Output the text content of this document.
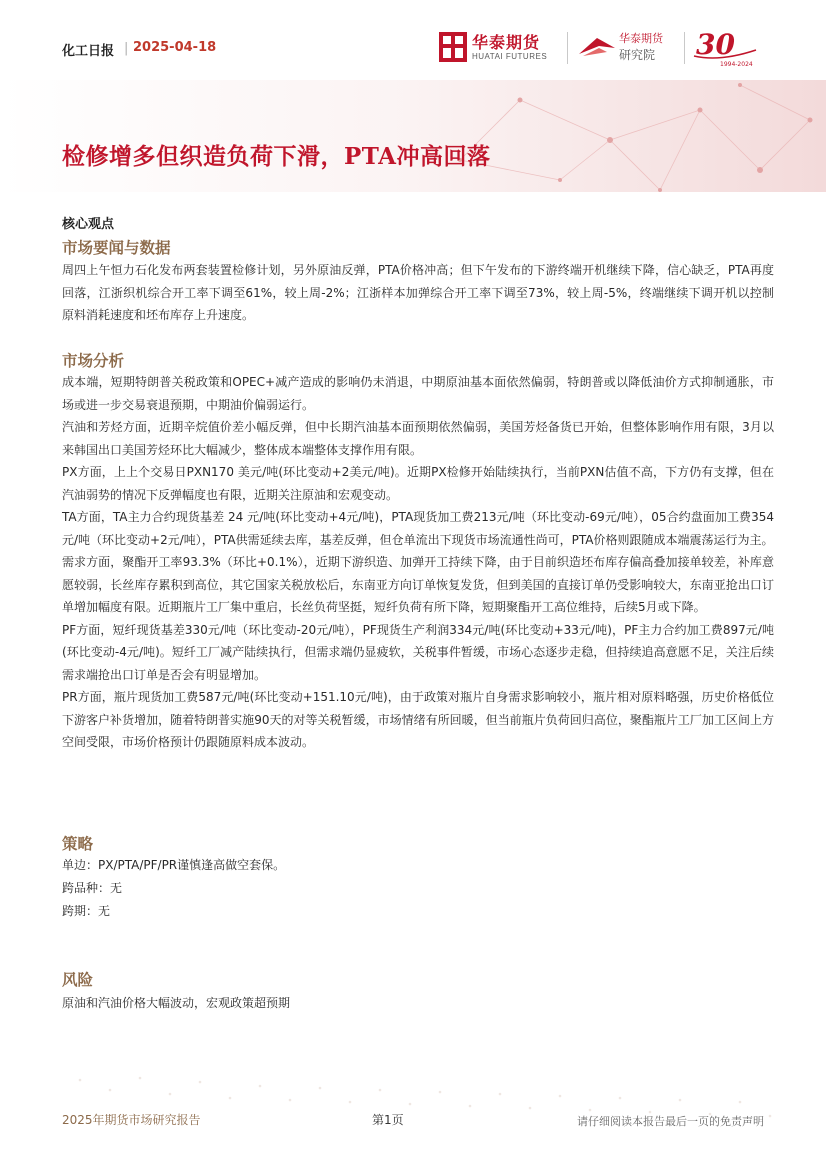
化工日报 | 2025-04-18	华泰期货
HUATAI FUTURES
华泰期货
研究院 30
1994-2024
检修增多但织造负荷下滑，PTA冲高回落
核心观点
市场要闻与数据

周四上午恒力石化发布两套装置检修计划，另外原油反弹，PTA价格冲高；但下午发布的下游终端开机继续下降，信心缺乏，PTA再度回落，江浙织机综合开工率下调至61%，较上周-2%；江浙样本加弹综合开工率下调至73%，较上周-5%，终端继续下调开机以控制原料消耗速度和坯布库存上升速度。

市场分析

成本端，短期特朗普关税政策和OPEC+减产造成的影响仍未消退，中期原油基本面依然偏弱，特朗普或以降低油价方式抑制通胀，市场或进一步交易衰退预期，中期油价偏弱运行。

汽油和芳烃方面，近期辛烷值价差小幅反弹，但中长期汽油基本面预期依然偏弱，美国芳烃备货已开始，但整体影响作用有限，3月以来韩国出口美国芳烃环比大幅减少，整体成本端整体支撑作用有限。

PX方面，上上个交易日PXN170 美元/吨(环比变动+2美元/吨)。近期PX检修开始陆续执行，当前PXN估值不高，下方仍有支撑，但在汽油弱势的情况下反弹幅度也有限，近期关注原油和宏观变动。

TA方面，TA主力合约现货基差 24 元/吨(环比变动+4元/吨)，PTA现货加工费213元/吨（环比变动-69元/吨），05合约盘面加工费354元/吨（环比变动+2元/吨），PTA供需延续去库，基差反弹，但仓单流出下现货市场流通性尚可，PTA价格则跟随成本端震荡运行为主。

需求方面，聚酯开工率93.3%（环比+0.1%），近期下游织造、加弹开工持续下降，由于目前织造坯布库存偏高叠加接单较差，补库意愿较弱，长丝库存累积到高位，其它国家关税放松后，东南亚方向订单恢复发货，但到美国的直接订单仍受影响较大，东南亚抢出口订单增加幅度有限。近期瓶片工厂集中重启，长丝负荷坚挺，短纤负荷有所下降，短期聚酯开工高位维持，后续5月或下降。

PF方面，短纤现货基差330元/吨（环比变动-20元/吨），PF现货生产利润334元/吨(环比变动+33元/吨)，PF主力合约加工费897元/吨(环比变动-4元/吨)。短纤工厂减产陆续执行，但需求端仍显疲软，关税事件暂缓，市场心态逐步走稳，但持续追高意愿不足，关注后续需求端抢出口订单是否会有明显增加。

PR方面，瓶片现货加工费587元/吨(环比变动+151.10元/吨)，由于政策对瓶片自身需求影响较小，瓶片相对原料略强，历史价格低位下游客户补货增加，随着特朗普实施90天的对等关税暂缓，市场情绪有所回暖，但当前瓶片负荷回归高位，聚酯瓶片工厂加工区间上方空间受限，市场价格预计仍跟随原料成本波动。

策略
单边：PX/PTA/PF/PR谨慎逢高做空套保。
跨品种：无
跨期：无
风险
原油和汽油价格大幅波动，宏观政策超预期
2025年期货市场研究报告	第1页	请仔细阅读本报告最后一页的免责声明
